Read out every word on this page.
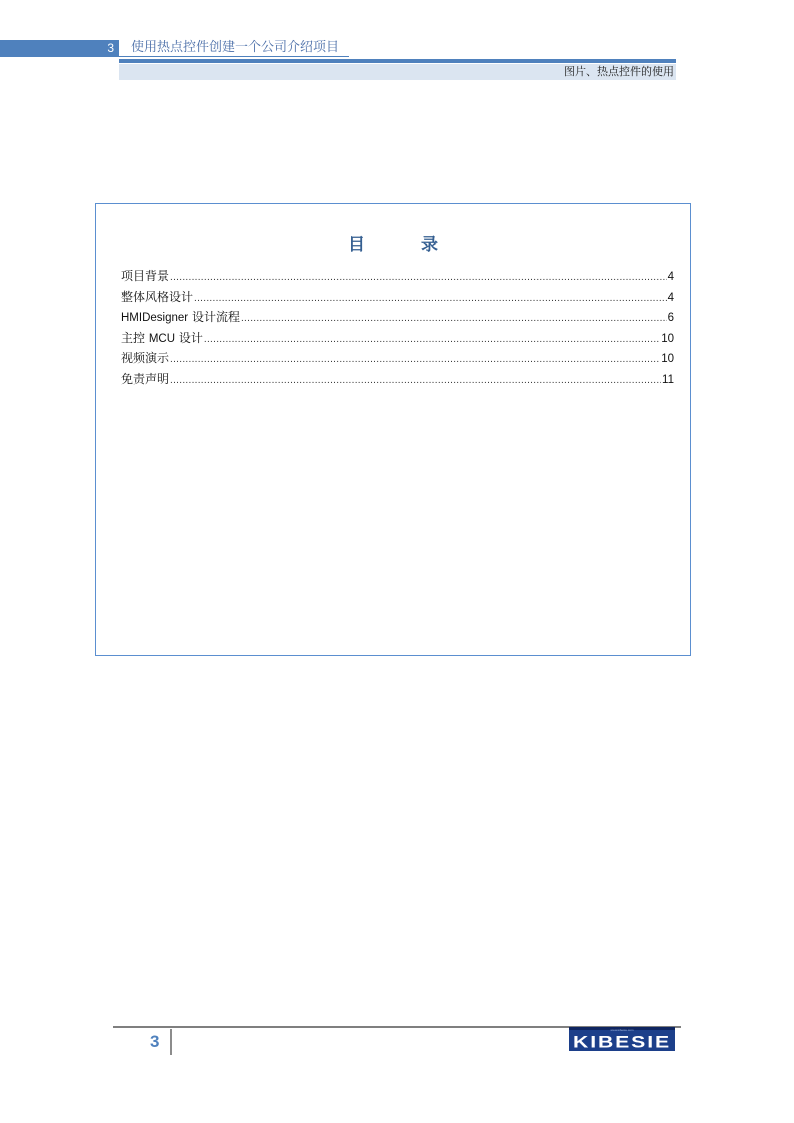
3 使用热点控件创建一个公司介绍项目
图片、热点控件的使用
目 录
项目背景 .....	4
整体风格设计 .....	4
HMIDesigner 设计流程 .....	6
主控 MCU 设计 .....	10
视频演示 .....	10
免责声明 .....	11
3
www.kibesie.com
KIBESIE
